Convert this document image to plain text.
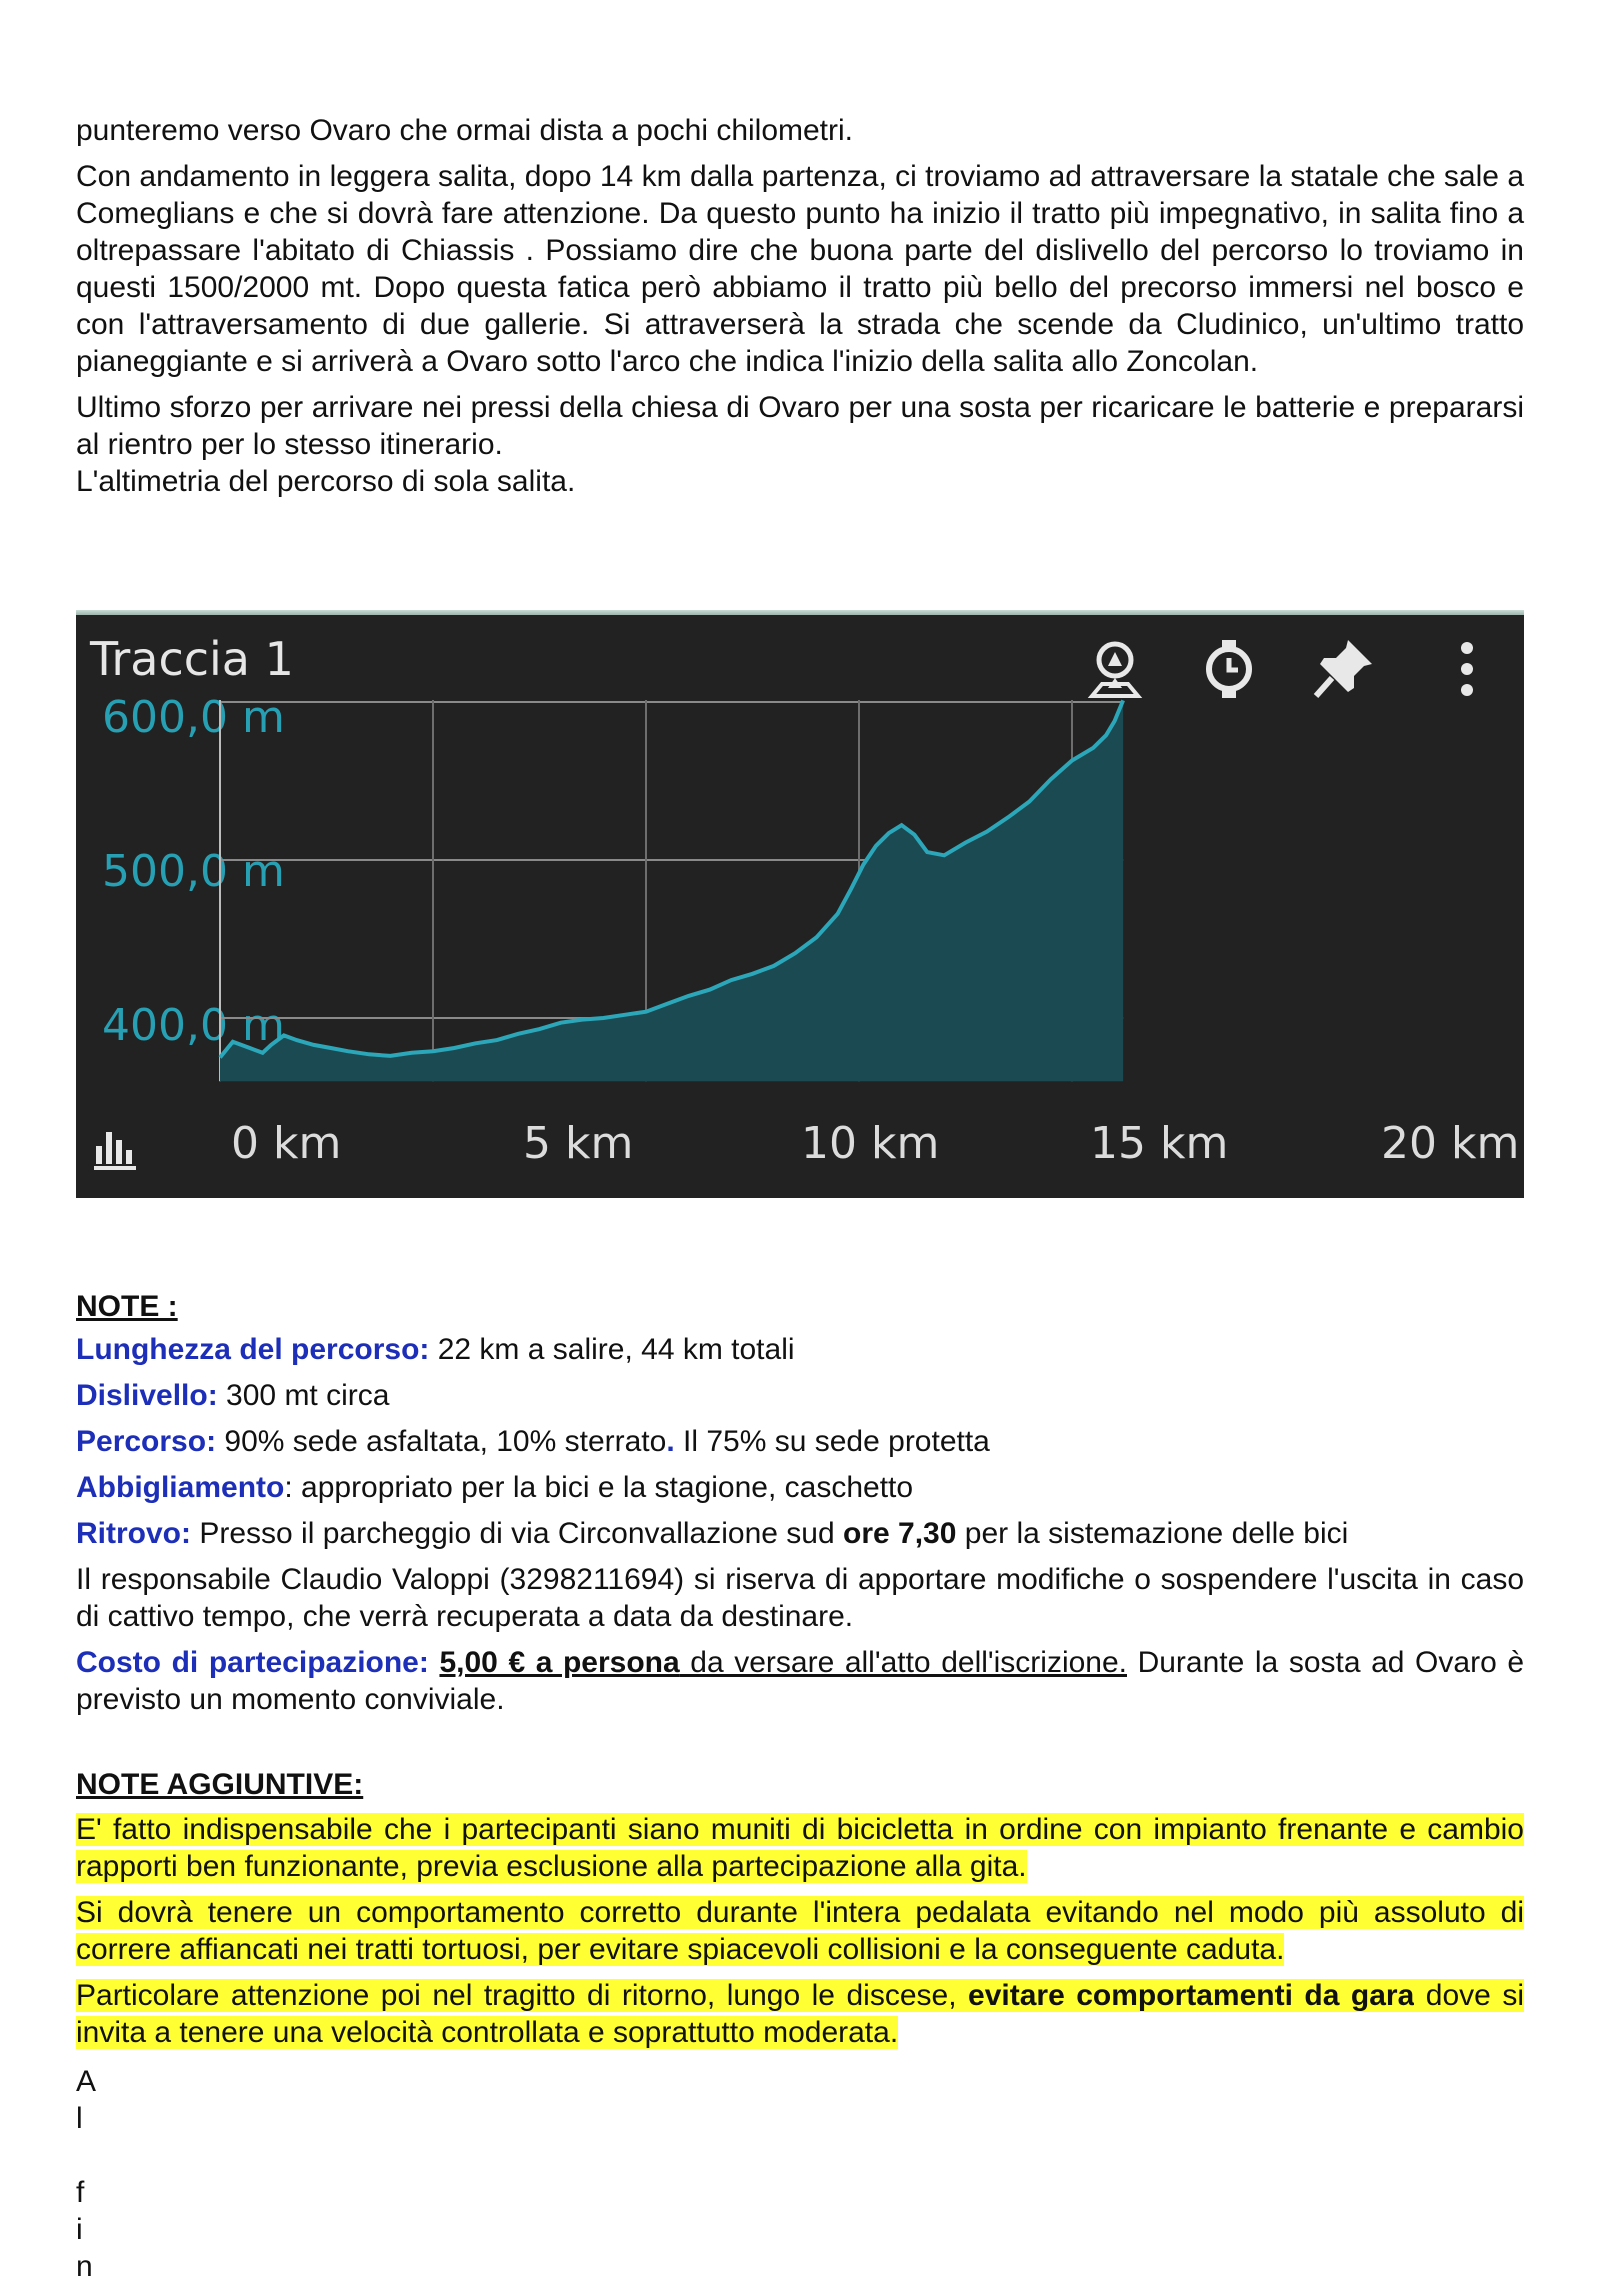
punteremo verso Ovaro che ormai dista a pochi chilometri.

Con andamento in leggera salita, dopo 14 km dalla partenza, ci troviamo ad attraversare la statale che sale a Comeglians e che si dovrà fare attenzione. Da questo punto ha inizio il tratto più impegnativo, in salita fino a oltrepassare l'abitato di Chiassis . Possiamo dire che buona parte del dislivello del percorso lo troviamo in questi 1500/2000 mt. Dopo questa fatica però abbiamo il tratto più bello del precorso immersi nel bosco e con l'attraversamento di due gallerie. Si attraverserà la strada che scende da Cludinico, un'ultimo tratto pianeggiante e si arriverà a Ovaro sotto l'arco che indica l'inizio della salita allo Zoncolan.

Ultimo sforzo per arrivare nei pressi della chiesa di Ovaro per una sosta per ricaricare le batterie e prepararsi al rientro per lo stesso itinerario.

L'altimetria del percorso di sola salita.

Traccia 1
600,0 m
500,0 m
400,0 m
0 km	5 km	10 km	15 km	20 km
NOTE :

Lunghezza del percorso: 22 km a salire, 44 km totali

Dislivello: 300 mt circa

Percorso: 90% sede asfaltata, 10% sterrato. Il 75% su sede protetta

Abbigliamento: appropriato per la bici e la stagione, caschetto

Ritrovo: Presso il parcheggio di via Circonvallazione sud ore 7,30 per la sistemazione delle bici

Il responsabile Claudio Valoppi (3298211694) si riserva di apportare modifiche o sospendere l'uscita in caso di cattivo tempo, che verrà recuperata a data da destinare.

Costo di partecipazione: 5,00 € a persona da versare all'atto dell'iscrizione. Durante la sosta ad Ovaro è previsto un momento conviviale.

NOTE AGGIUNTIVE:

E' fatto indispensabile che i partecipanti siano muniti di bicicletta in ordine con impianto frenante e cambio rapporti ben funzionante, previa esclusione alla partecipazione alla gita.

Si dovrà tenere un comportamento corretto durante l'intera pedalata evitando nel modo più assoluto di correre affiancati nei tratti tortuosi, per evitare spiacevoli collisioni e la conseguente caduta.

Particolare attenzione poi nel tragitto di ritorno, lungo le discese, evitare comportamenti da gara dove si invita a tenere una velocità controllata e soprattutto moderata.

A
l
f
i
n
